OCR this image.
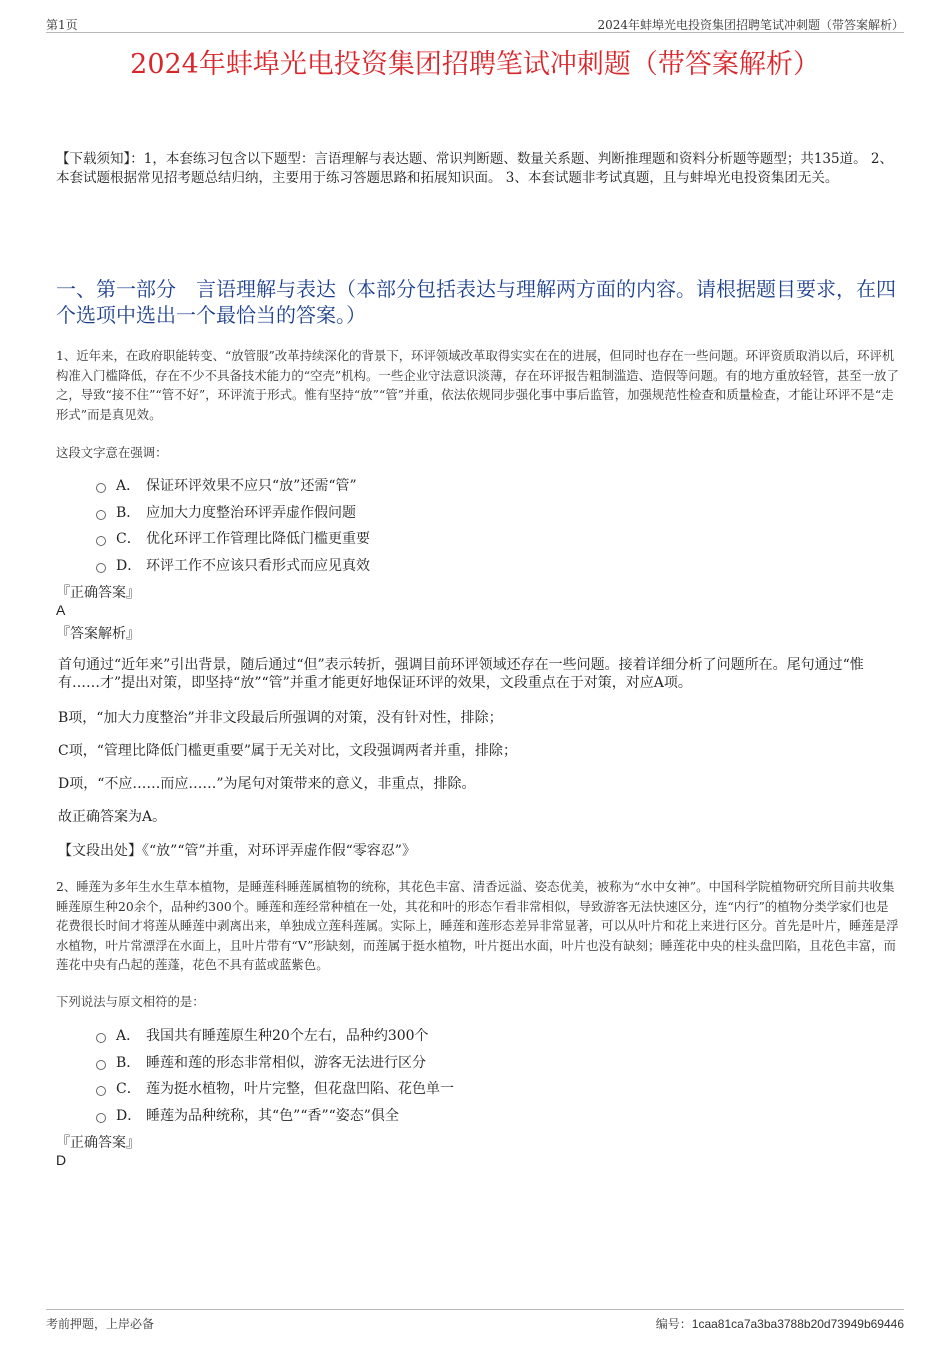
第1页	2024年蚌埠光电投资集团招聘笔试冲刺题（带答案解析）
2024年蚌埠光电投资集团招聘笔试冲刺题（带答案解析）
【下载须知】：1，本套练习包含以下题型：言语理解与表达题、常识判断题、数量关系题、判断推理题和资料分析题等题型；共135道。 2、本套试题根据常见招考题总结归纳，主要用于练习答题思路和拓展知识面。 3、本套试题非考试真题，且与蚌埠光电投资集团无关。
一、第一部分　言语理解与表达（本部分包括表达与理解两方面的内容。请根据题目要求，在四个选项中选出一个最恰当的答案。）
1、近年来，在政府职能转变、“放管服”改革持续深化的背景下，环评领域改革取得实实在在的进展，但同时也存在一些问题。环评资质取消以后，环评机构准入门槛降低，存在不少不具备技术能力的“空壳”机构。一些企业守法意识淡薄，存在环评报告粗制滥造、造假等问题。有的地方重放轻管，甚至一放了之，导致“接不住”“管不好”，环评流于形式。惟有坚持“放”“管”并重，依法依规同步强化事中事后监管，加强规范性检查和质量检查，才能让环评不是“走形式”而是真见效。
这段文字意在强调：
A． 保证环评效果不应只“放”还需“管”
B． 应加大力度整治环评弄虚作假问题
C． 优化环评工作管理比降低门槛更重要
D． 环评工作不应该只看形式而应见真效
『正确答案』
A
『答案解析』
首句通过“近年来”引出背景，随后通过“但”表示转折，强调目前环评领域还存在一些问题。接着详细分析了问题所在。尾句通过“惟有……才”提出对策，即坚持“放”“管”并重才能更好地保证环评的效果，文段重点在于对策，对应A项。
B项，“加大力度整治”并非文段最后所强调的对策，没有针对性，排除；
C项，“管理比降低门槛更重要”属于无关对比，文段强调两者并重，排除；
D项，“不应……而应……”为尾句对策带来的意义，非重点，排除。
故正确答案为A。
【文段出处】《“放”“管”并重，对环评弄虚作假“零容忍”》
2、睡莲为多年生水生草本植物，是睡莲科睡莲属植物的统称，其花色丰富、清香远溢、姿态优美，被称为“水中女神”。中国科学院植物研究所目前共收集睡莲原生种20余个，品种约300个。睡莲和莲经常种植在一处，其花和叶的形态乍看非常相似，导致游客无法快速区分，连“内行”的植物分类学家们也是花费很长时间才将莲从睡莲中剥离出来，单独成立莲科莲属。实际上，睡莲和莲形态差异非常显著，可以从叶片和花上来进行区分。首先是叶片，睡莲是浮水植物，叶片常漂浮在水面上，且叶片带有“V”形缺刻，而莲属于挺水植物，叶片挺出水面，叶片也没有缺刻；睡莲花中央的柱头盘凹陷，且花色丰富，而莲花中央有凸起的莲蓬，花色不具有蓝或蓝紫色。
下列说法与原文相符的是：
A． 我国共有睡莲原生种20个左右，品种约300个
B． 睡莲和莲的形态非常相似，游客无法进行区分
C． 莲为挺水植物，叶片完整，但花盘凹陷、花色单一
D． 睡莲为品种统称，其“色”“香”“姿态”俱全
『正确答案』
D
考前押题，上岸必备	编号：1caa81ca7a3ba3788b20d73949b69446
